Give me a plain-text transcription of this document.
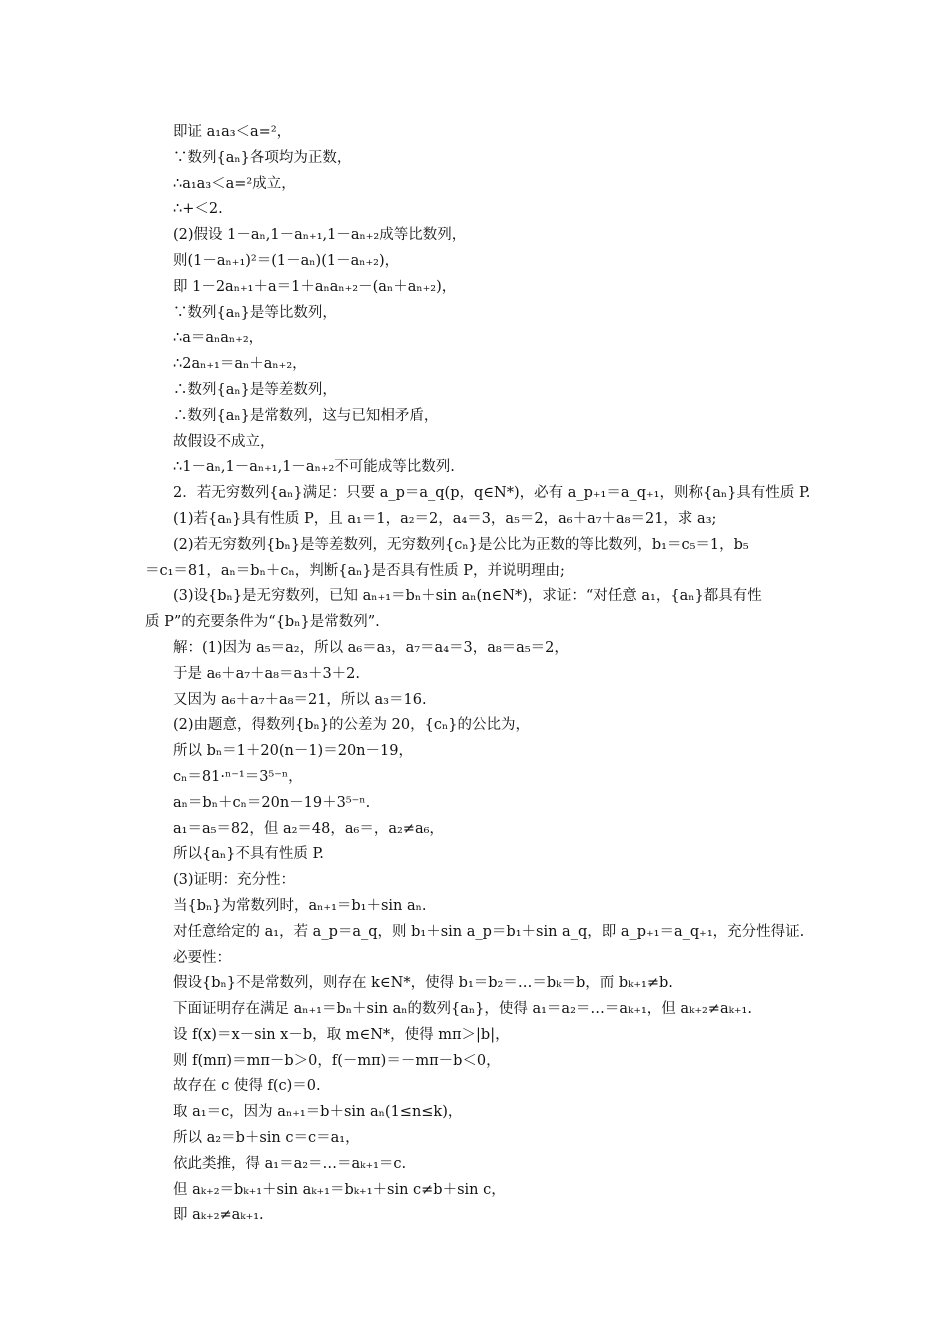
即证 a₁a₃＜a=²，
∵数列{aₙ}各项均为正数，
∴a₁a₃＜a=²成立，
∴+＜2.
(2)假设 1－aₙ,1－aₙ₊₁,1－aₙ₊₂成等比数列，
则(1－aₙ₊₁)²＝(1－aₙ)(1－aₙ₊₂)，
即 1－2aₙ₊₁＋a＝1＋aₙaₙ₊₂－(aₙ＋aₙ₊₂)，
∵数列{aₙ}是等比数列，
∴a＝aₙaₙ₊₂，
∴2aₙ₊₁＝aₙ＋aₙ₊₂，
∴数列{aₙ}是等差数列，
∴数列{aₙ}是常数列，这与已知相矛盾，
故假设不成立，
∴1－aₙ,1－aₙ₊₁,1－aₙ₊₂不可能成等比数列.
2．若无穷数列{aₙ}满足：只要 a_p＝a_q(p，q∈N*)，必有 a_p₊₁＝a_q₊₁，则称{aₙ}具有性质 P.
(1)若{aₙ}具有性质 P，且 a₁＝1，a₂＝2，a₄＝3，a₅＝2，a₆＋a₇＋a₈＝21，求 a₃;
(2)若无穷数列{bₙ}是等差数列，无穷数列{cₙ}是公比为正数的等比数列，b₁＝c₅＝1，b₅
＝c₁＝81，aₙ＝bₙ＋cₙ，判断{aₙ}是否具有性质 P，并说明理由;
(3)设{bₙ}是无穷数列，已知 aₙ₊₁＝bₙ＋sin aₙ(n∈N*)，求证：“对任意 a₁，{aₙ}都具有性
质 P”的充要条件为“{bₙ}是常数列”.
解：(1)因为 a₅＝a₂，所以 a₆＝a₃，a₇＝a₄＝3，a₈＝a₅＝2，
于是 a₆＋a₇＋a₈＝a₃＋3＋2.
又因为 a₆＋a₇＋a₈＝21，所以 a₃＝16.
(2)由题意，得数列{bₙ}的公差为 20，{cₙ}的公比为，
所以 bₙ＝1＋20(n－1)＝20n－19，
cₙ＝81·ⁿ⁻¹＝3⁵⁻ⁿ，
aₙ＝bₙ＋cₙ＝20n－19＋3⁵⁻ⁿ.
a₁＝a₅＝82，但 a₂＝48，a₆＝，a₂≠a₆，
所以{aₙ}不具有性质 P.
(3)证明：充分性：
当{bₙ}为常数列时，aₙ₊₁＝b₁＋sin aₙ.
对任意给定的 a₁，若 a_p＝a_q，则 b₁＋sin a_p＝b₁＋sin a_q，即 a_p₊₁＝a_q₊₁，充分性得证.
必要性：
假设{bₙ}不是常数列，则存在 k∈N*，使得 b₁＝b₂＝…＝bₖ＝b，而 bₖ₊₁≠b.
下面证明存在满足 aₙ₊₁＝bₙ＋sin aₙ的数列{aₙ}，使得 a₁＝a₂＝…＝aₖ₊₁，但 aₖ₊₂≠aₖ₊₁.
设 f(x)＝x－sin x－b，取 m∈N*，使得 mπ＞|b|，
则 f(mπ)＝mπ－b＞0，f(－mπ)＝－mπ－b＜0，
故存在 c 使得 f(c)＝0.
取 a₁＝c，因为 aₙ₊₁＝b＋sin aₙ(1≤n≤k)，
所以 a₂＝b＋sin c＝c＝a₁，
依此类推，得 a₁＝a₂＝…＝aₖ₊₁＝c.
但 aₖ₊₂＝bₖ₊₁＋sin aₖ₊₁＝bₖ₊₁＋sin c≠b＋sin c，
即 aₖ₊₂≠aₖ₊₁.
